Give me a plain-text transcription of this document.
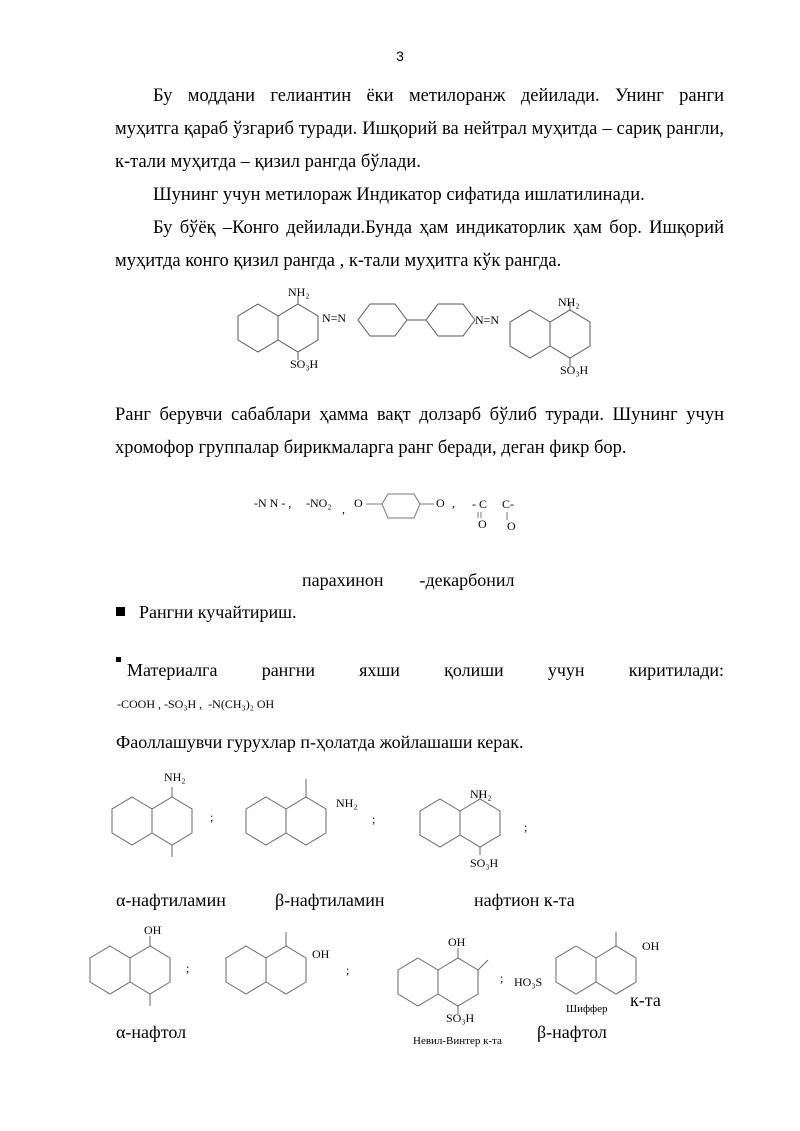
3
Бу моддани гелиантин ёки метилоранж дейилади. Унинг ранги
муҳитга қараб ўзгариб туради. Ишқорий ва нейтрал муҳитда – сариқ рангли,
к-тали муҳитда – қизил рангда бўлади.
Шунинг учун метилораж Индикатор сифатида ишлатилинади.
Бу бўёқ –Конго дейилади.Бунда ҳам индикаторлик ҳам бор. Ишқорий
муҳитда конго қизил рангда , к-тали муҳитга кўк рангда.
NH₂
N=N
SO₃H
N=N
NH₂
SO₃H
Ранг берувчи сабаблари ҳамма вақт долзарб бўлиб туради. Шунинг учун
хромофор группалар бирикмаларга ранг беради, деган фикр бор.
-N N - , -NO₂ , O	O , - C C-
O O
парахинон        -декарбонил
Рангни кучайтириш.
Материалга рангни яхши қолиши учун киритилади:
-COOH , -SO₃H , -N(CH₃)₂ OH
Фаоллашувчи гурухлар п-ҳолатда жойлашаши керак.
NH₂
;
NH₂
;
NH₂
SO₃H
;
α-нафтиламин	β-нафтиламин	нафтион к-та
OH
;
OH
;
OH
SO₃H
Невил-Винтер к-та
; HO₃S
OH
Шиффер к-та
α-нафтол	β-нафтол
